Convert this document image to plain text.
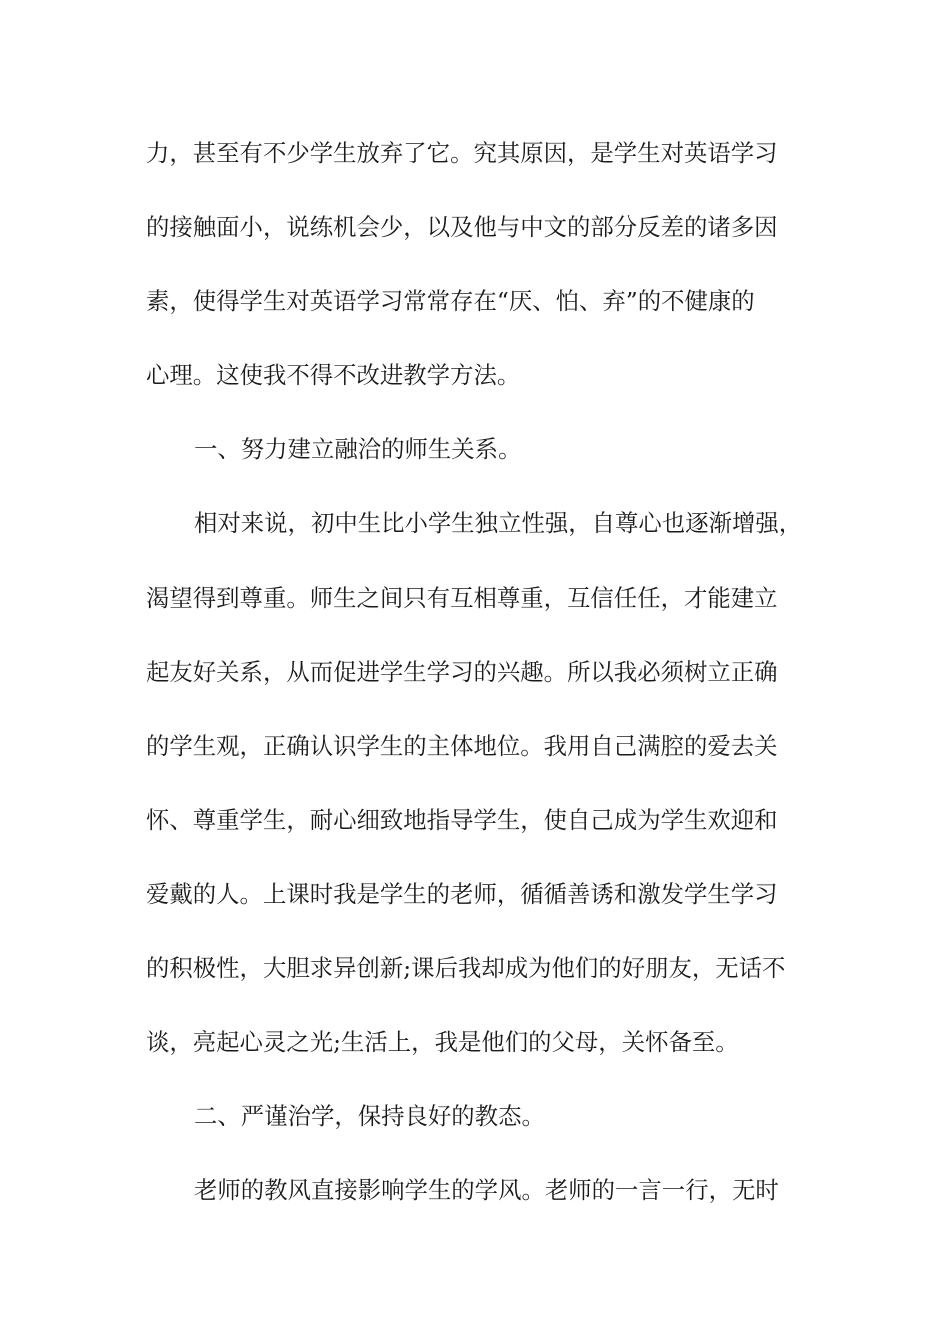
力，甚至有不少学生放弃了它。究其原因，是学生对英语学习
的接触面小，说练机会少，以及他与中文的部分反差的诸多因
素，使得学生对英语学习常常存在“厌、怕、弃”的不健康的
心理。这使我不得不改进教学方法。
一、努力建立融洽的师生关系。
相对来说，初中生比小学生独立性强，自尊心也逐渐增强，
渴望得到尊重。师生之间只有互相尊重，互信任任，才能建立
起友好关系，从而促进学生学习的兴趣。所以我必须树立正确
的学生观，正确认识学生的主体地位。我用自己满腔的爱去关
怀、尊重学生，耐心细致地指导学生，使自己成为学生欢迎和
爱戴的人。上课时我是学生的老师，循循善诱和激发学生学习
的积极性，大胆求异创新;课后我却成为他们的好朋友，无话不
谈，亮起心灵之光;生活上，我是他们的父母，关怀备至。
二、严谨治学，保持良好的教态。
老师的教风直接影响学生的学风。老师的一言一行，无时
